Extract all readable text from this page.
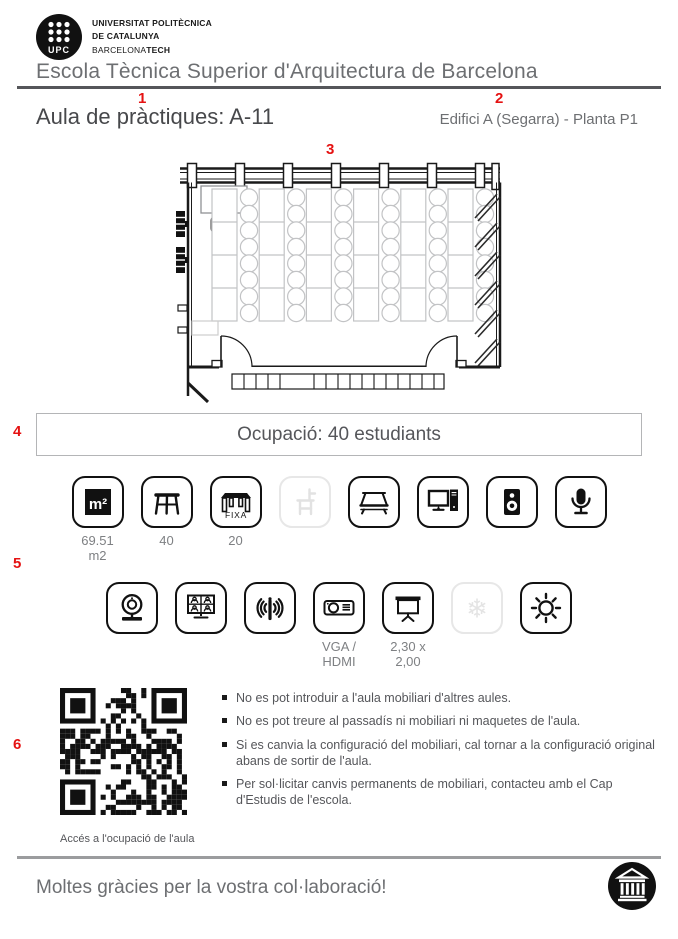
UPC
UNIVERSITAT POLITÈCNICA
DE CATALUNYA
BARCELONATECH
Escola Tècnica Superior d'Arquitectura de Barcelona
Aula de pràctiques: A-11	Edifici A (Segarra) - Planta P1
1	2
3
4
5
6
Ocupació: 40 estudiants
m²
69.51 m2
40
FIXA
20
VGA / HDMI
2,30 x 2,00
❄
Accés a l'ocupació de l'aula
No es pot introduir a l'aula mobiliari d'altres aules.
No es pot treure al passadís ni mobiliari ni maquetes de l'aula.
Si es canvia la configuració del mobiliari, cal tornar a la configuració original abans de sortir de l'aula.
Per sol·licitar canvis permanents de mobiliari, contacteu amb el Cap d'Estudis de l'escola.
Moltes gràcies per la vostra col·laboració!
